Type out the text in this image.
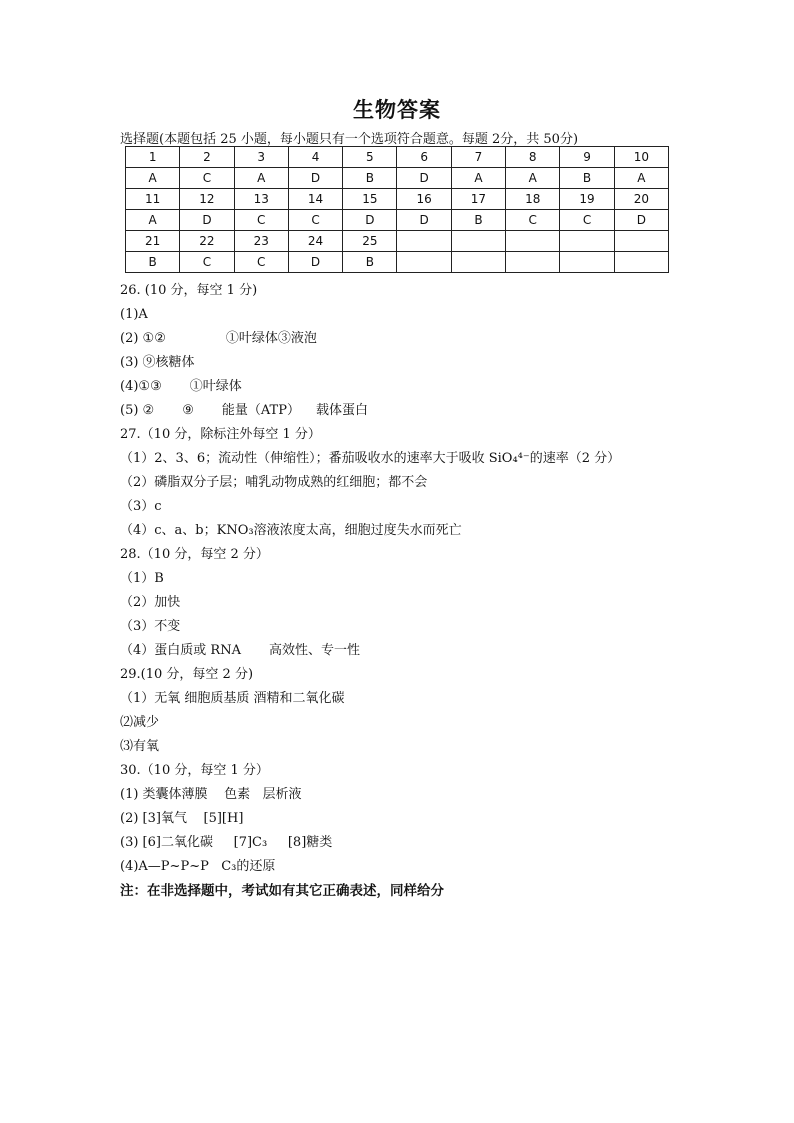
生物答案
选择题(本题包括 25 小题，每小题只有一个选项符合题意。每题 2分，共 50分)
1	2	3	4	5	6	7	8	9	10
A	C	A	D	B	D	A	A	B	A
11	12	13	14	15	16	17	18	19	20
A	D	C	C	D	D	B	C	C	D
21	22	23	24	25					
B	C	C	D	B					
26. (10 分，每空 1 分)
(1)A
(2) ①②	①叶绿体③液泡
(3) ⑨核糖体
(4)①③ ①叶绿体
(5) ② ⑨ 能量（ATP） 载体蛋白
27.（10 分，除标注外每空 1 分）
（1）2、3、6；流动性（伸缩性）；番茄吸收水的速率大于吸收 SiO₄⁴⁻的速率（2 分）
（2）磷脂双分子层；哺乳动物成熟的红细胞；都不会
（3）c
（4）c、a、b；KNO₃溶液浓度太高，细胞过度失水而死亡
28.（10 分，每空 2 分）
（1）B
（2）加快
（3）不变
（4）蛋白质或 RNA 高效性、专一性
29.(10 分，每空 2 分)
（1）无氧 细胞质基质 酒精和二氧化碳
⑵减少
⑶有氧
30.（10 分，每空 1 分）
(1) 类囊体薄膜    色素   层析液
(2) [3]氧气    [5][H]
(3) [6]二氧化碳     [7]C₃     [8]糖类
(4)A—P~P~P   C₃的还原
注：在非选择题中，考试如有其它正确表述，同样给分
